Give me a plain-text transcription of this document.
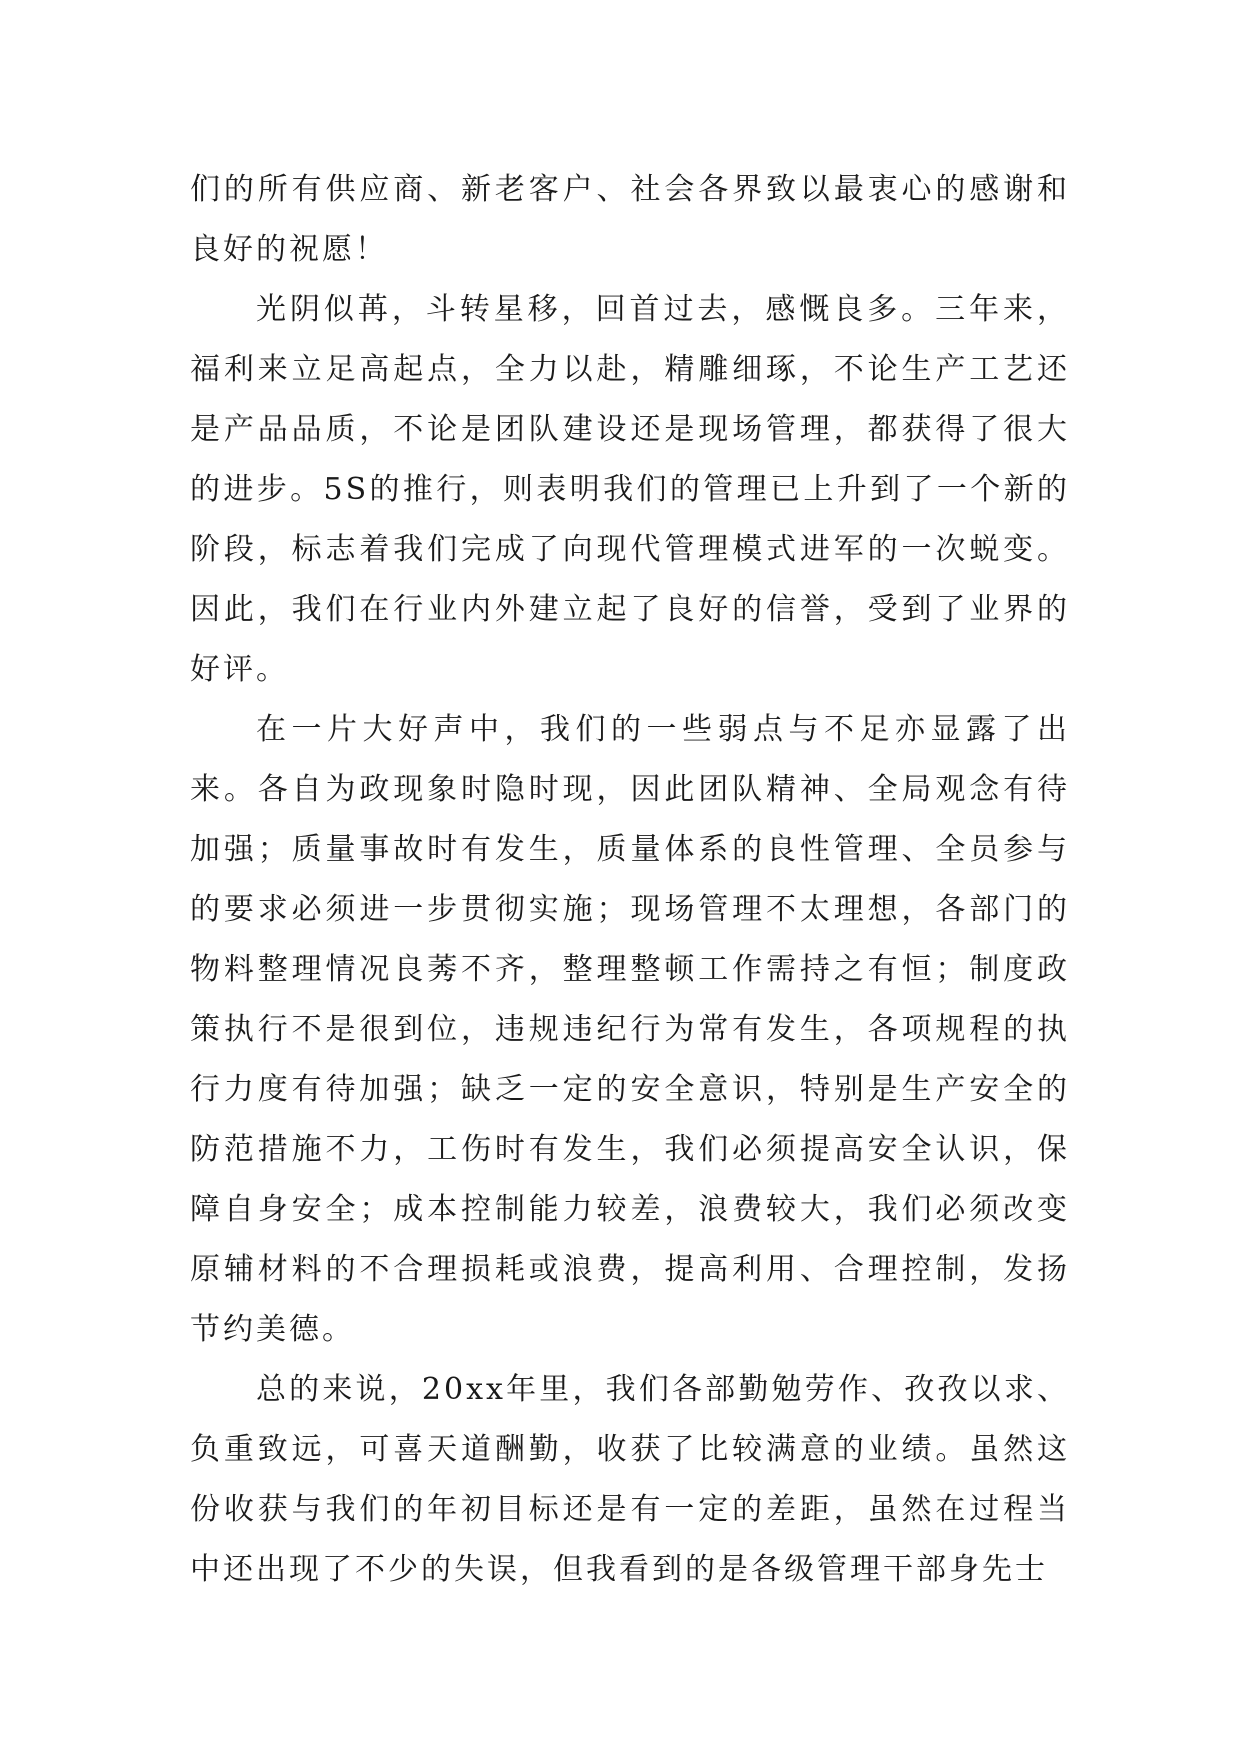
们的所有供应商、新老客户、社会各界致以最衷心的感谢和良好的祝愿！

光阴似苒，斗转星移，回首过去，感慨良多。三年来，福利来立足高起点，全力以赴，精雕细琢，不论生产工艺还是产品品质，不论是团队建设还是现场管理，都获得了很大的进步。5S的推行，则表明我们的管理已上升到了一个新的阶段，标志着我们完成了向现代管理模式进军的一次蜕变。因此，我们在行业内外建立起了良好的信誉，受到了业界的好评。

在一片大好声中，我们的一些弱点与不足亦显露了出来。各自为政现象时隐时现，因此团队精神、全局观念有待加强；质量事故时有发生，质量体系的良性管理、全员参与的要求必须进一步贯彻实施；现场管理不太理想，各部门的物料整理情况良莠不齐，整理整顿工作需持之有恒；制度政策执行不是很到位，违规违纪行为常有发生，各项规程的执行力度有待加强；缺乏一定的安全意识，特别是生产安全的防范措施不力，工伤时有发生，我们必须提高安全认识，保障自身安全；成本控制能力较差，浪费较大，我们必须改变原辅材料的不合理损耗或浪费，提高利用、合理控制，发扬节约美德。

总的来说，20xx年里，我们各部勤勉劳作、孜孜以求、负重致远，可喜天道酬勤，收获了比较满意的业绩。虽然这份收获与我们的年初目标还是有一定的差距，虽然在过程当中还出现了不少的失误，但我看到的是各级管理干部身先士
